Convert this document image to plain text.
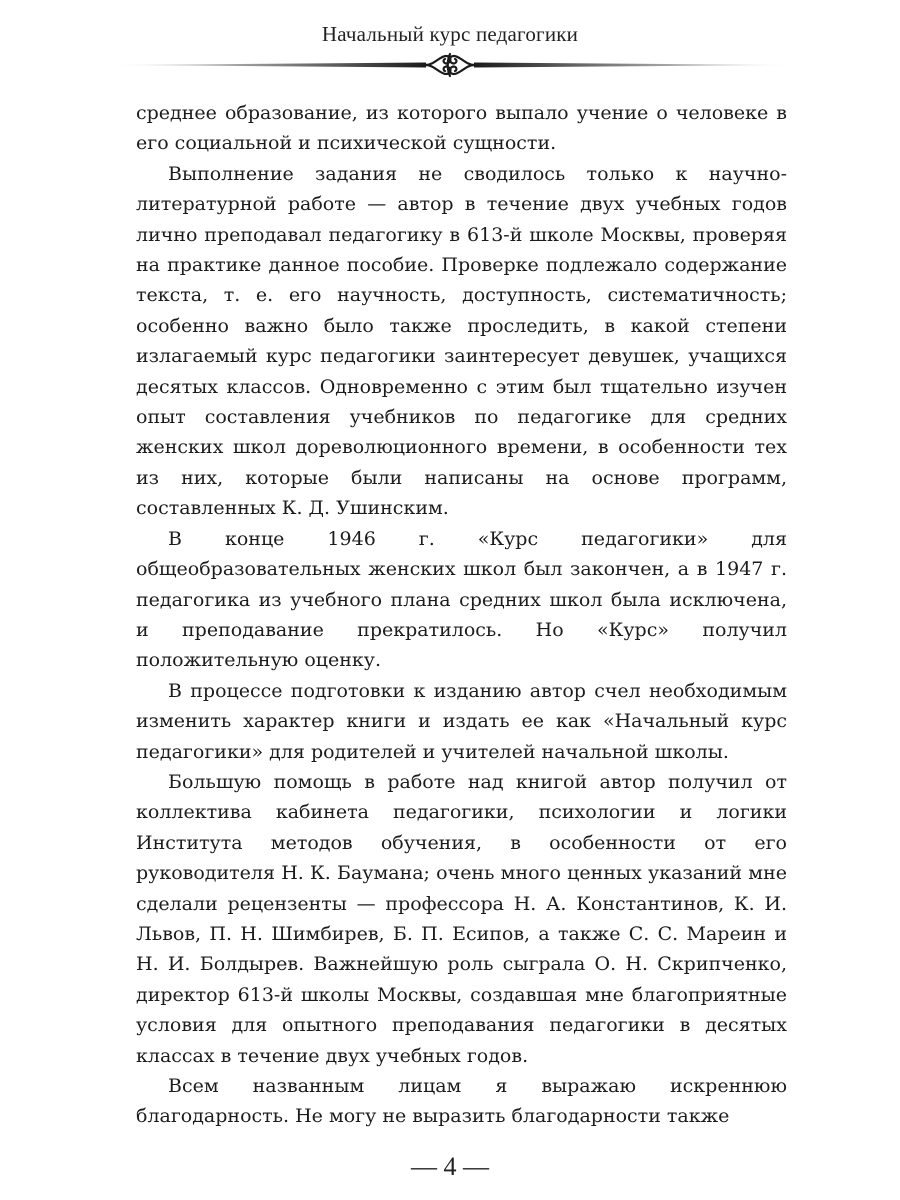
Начальный курс педагогики

среднее образование, из которого выпало учение о человеке в его социальной и психической сущности.

Выполнение задания не сводилось только к научно-литературной работе — автор в течение двух учебных годов лично преподавал педагогику в 613-й школе Москвы, проверяя на практике данное пособие. Проверке подлежало содержание текста, т. е. его научность, доступность, систематичность; особенно важно было также проследить, в какой степени излагаемый курс педагогики заинтересует девушек, учащихся десятых классов. Одновременно с этим был тщательно изучен опыт составления учебников по педагогике для средних женских школ дореволюционного времени, в особенности тех из них, которые были написаны на основе программ, составленных К. Д. Ушинским.

В конце 1946 г. «Курс педагогики» для общеобразовательных женских школ был закончен, а в 1947 г. педагогика из учебного плана средних школ была исключена, и преподавание прекратилось. Но «Курс» получил положительную оценку.

В процессе подготовки к изданию автор счел необходимым изменить характер книги и издать ее как «Начальный курс педагогики» для родителей и учителей начальной школы.

Большую помощь в работе над книгой автор получил от коллектива кабинета педагогики, психологии и логики Института методов обучения, в особенности от его руководителя Н. К. Баумана; очень много ценных указаний мне сделали рецензенты — профессора Н. А. Константинов, К. И. Львов, П. Н. Шимбирев, Б. П. Есипов, а также С. С. Мареин и Н. И. Болдырев. Важнейшую роль сыграла О. Н. Скрипченко, директор 613-й школы Москвы, создавшая мне благоприятные условия для опытного преподавания педагогики в десятых классах в течение двух учебных годов.

Всем названным лицам я выражаю искреннюю благодарность. Не могу не выразить благодарности также

— 4 —
